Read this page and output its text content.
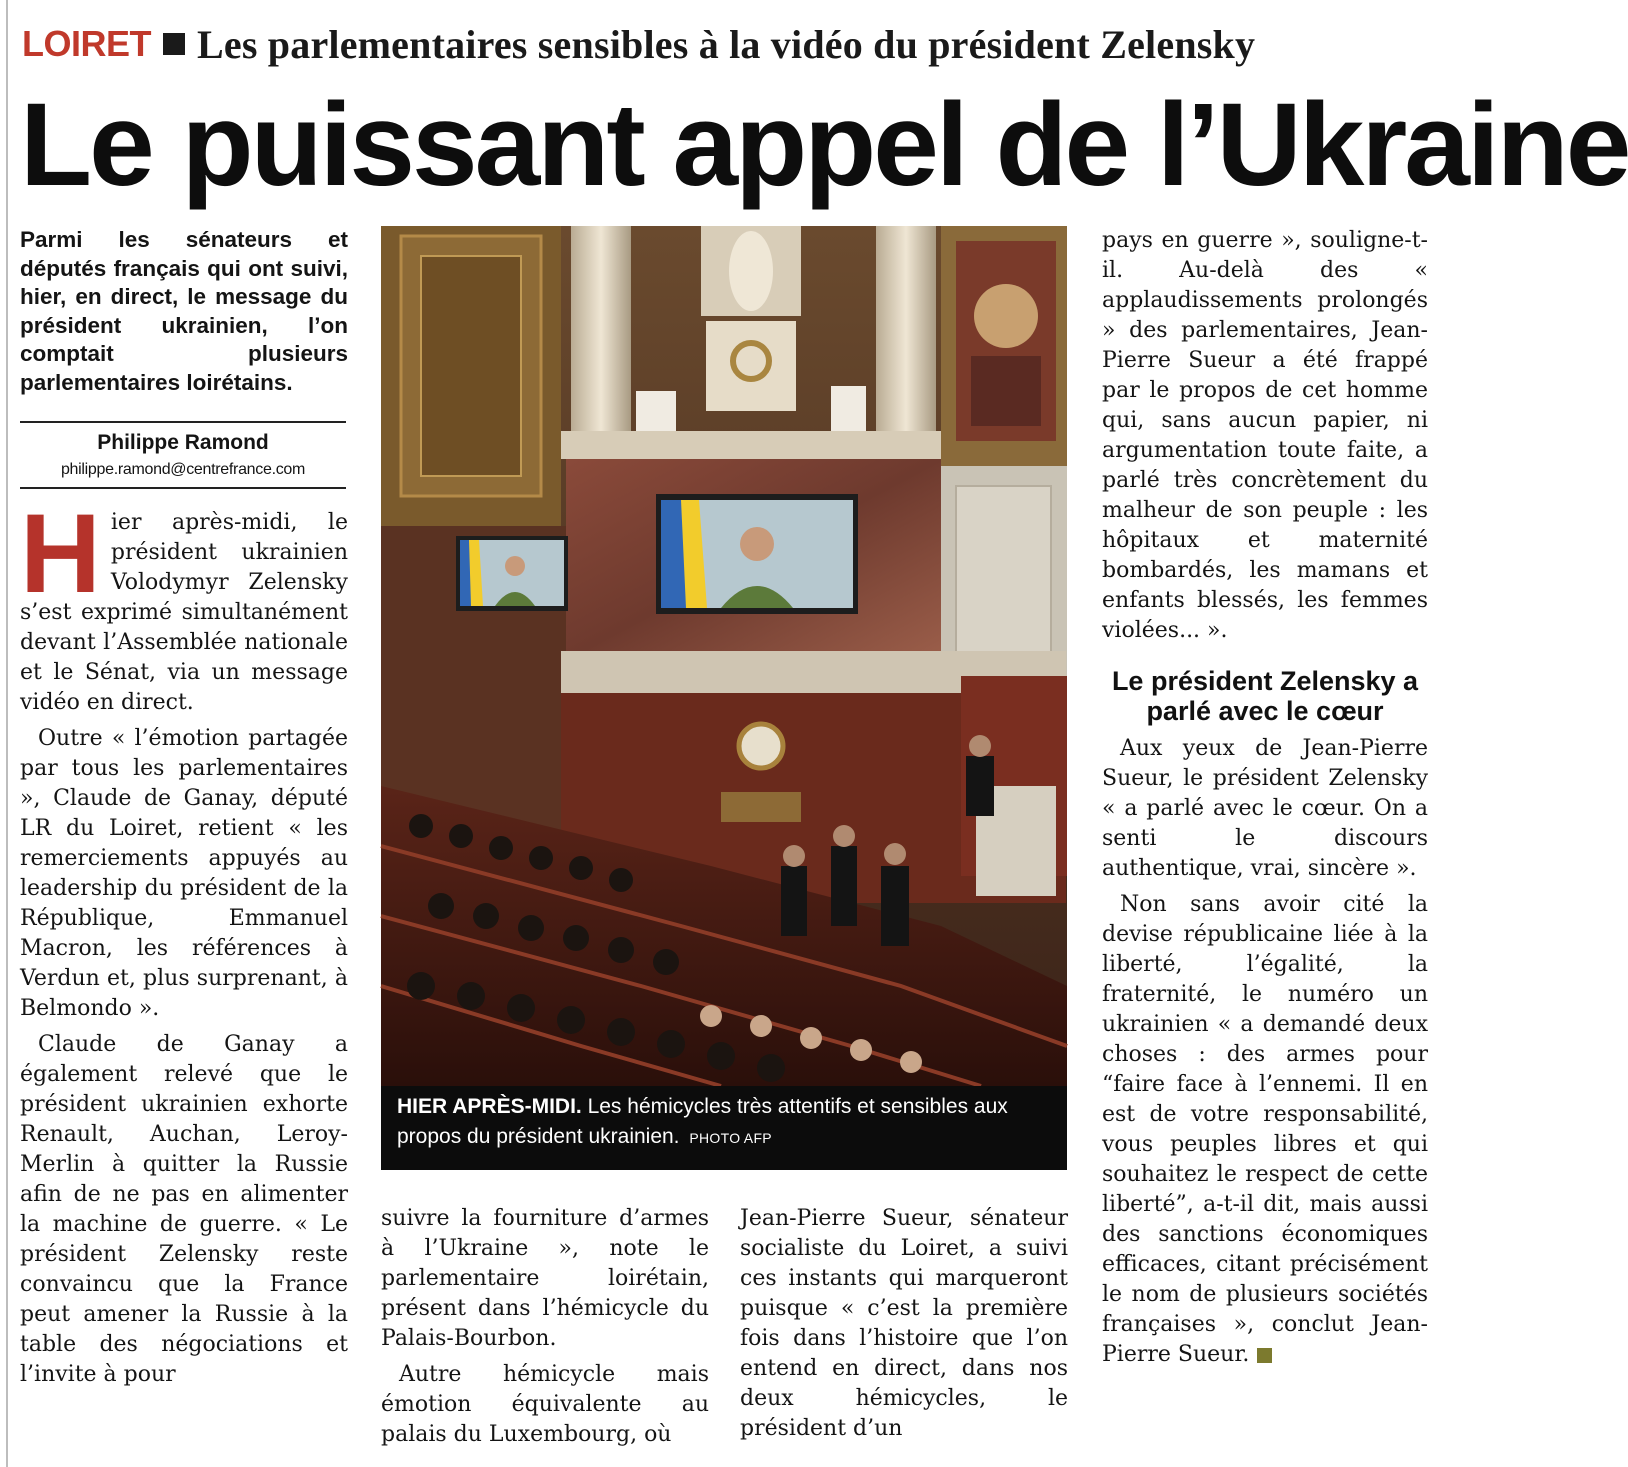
LOIRET Les parlementaires sensibles à la vidéo du président Zelensky
Le puissant appel de l’Ukraine
Parmi les sénateurs et députés français qui ont suivi, hier, en direct, le message du président ukrainien, l’on comptait plusieurs parlementaires loirétains.
Philippe Ramond
philippe.ramond@centrefrance.com
HIER APRÈS-MIDI. Les hémicycles très attentifs et sensibles aux propos du président ukrainien. PHOTO AFP

Hier après-midi, le président ukrainien Volodymyr Zelensky s’est exprimé simultanément devant l’Assemblée nationale et le Sénat, via un message vidéo en direct.

Outre « l’émotion partagée par tous les parlementaires », Claude de Ganay, député LR du Loiret, retient « les remerciements appuyés au leadership du président de la République, Emmanuel Macron, les références à Verdun et, plus surprenant, à Belmondo ».

Claude de Ganay a également relevé que le président ukrainien exhorte Renault, Auchan, Leroy-Merlin à quitter la Russie afin de ne pas en alimenter la machine de guerre. « Le président Zelensky reste convaincu que la France peut amener la Russie à la table des négociations et l’invite à pour

suivre la fourniture d’armes à l’Ukraine », note le parlementaire loirétain, présent dans l’hémicycle du Palais-Bourbon.

Autre hémicycle mais émotion équivalente au palais du Luxembourg, où

Jean-Pierre Sueur, sénateur socialiste du Loiret, a suivi ces instants qui marqueront puisque « c’est la première fois dans l’histoire que l’on entend en direct, dans nos deux hémicycles, le président d’un

pays en guerre », souligne-t-il. Au-delà des « applaudissements prolongés » des parlementaires, Jean-Pierre Sueur a été frappé par le propos de cet homme qui, sans aucun papier, ni argumentation toute faite, a parlé très concrètement du malheur de son peuple : les hôpitaux et maternité bombardés, les mamans et enfants blessés, les femmes violées... ».

Le président Zelensky a parlé avec le cœur

Aux yeux de Jean-Pierre Sueur, le président Zelensky « a parlé avec le cœur. On a senti le discours authentique, vrai, sincère ».

Non sans avoir cité la devise républicaine liée à la liberté, l’égalité, la fraternité, le numéro un ukrainien « a demandé deux choses : des armes pour “faire face à l’ennemi. Il en est de votre responsabilité, vous peuples libres et qui souhaitez le respect de cette liberté”, a-t-il dit, mais aussi des sanctions économiques efficaces, citant précisément le nom de plusieurs sociétés françaises », conclut Jean-Pierre Sueur.
